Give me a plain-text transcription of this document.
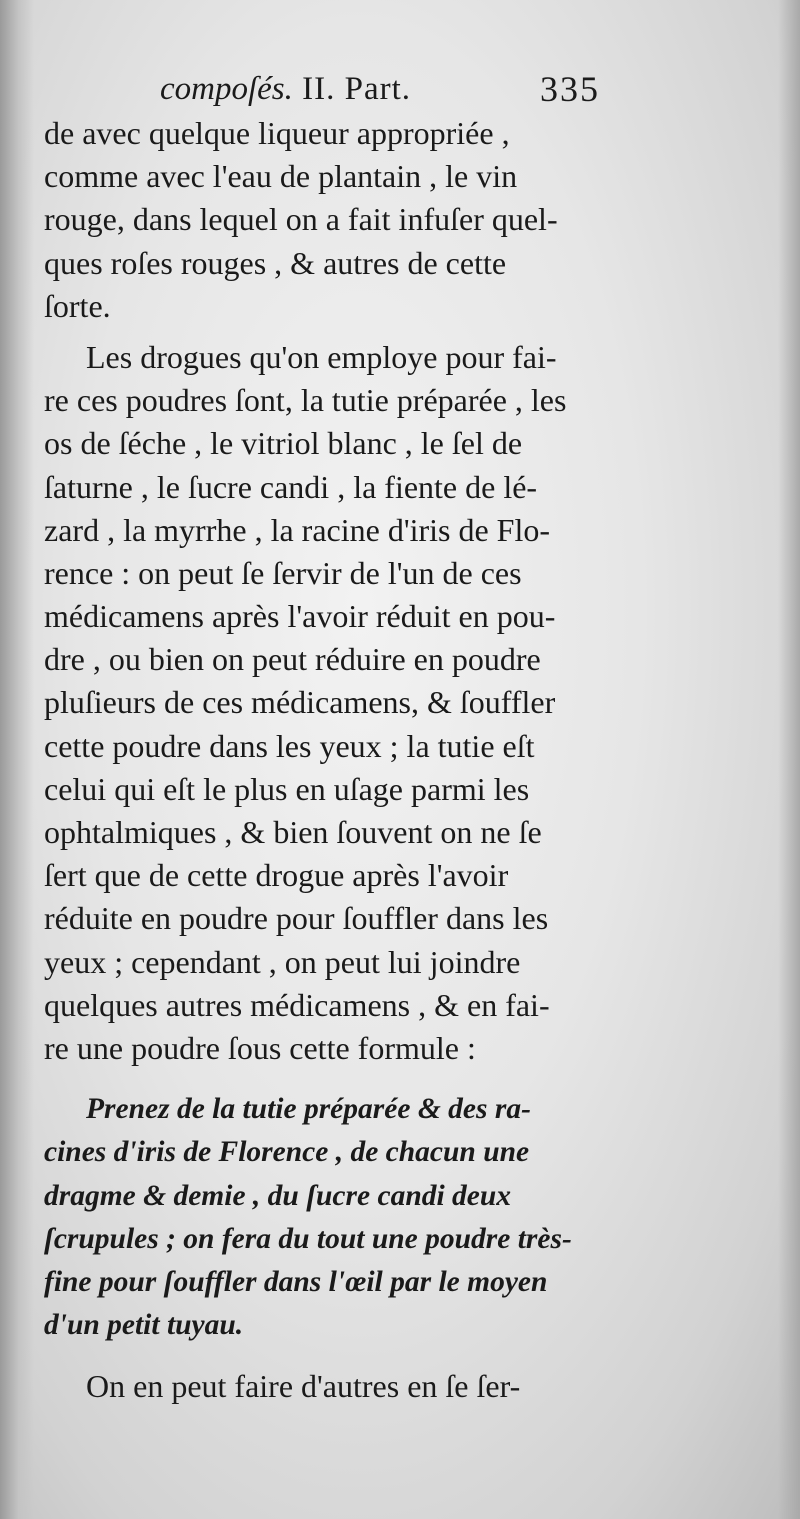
compoſés. II. Part.	335
de avec quelque liqueur appropriée ,
comme avec l'eau de plantain , le vin
rouge, dans lequel on a fait infuſer quel-
ques roſes rouges , & autres de cette
ſorte.
Les drogues qu'on employe pour fai-
re ces poudres ſont, la tutie préparée , les
os de ſéche , le vitriol blanc , le ſel de
ſaturne , le ſucre candi , la fiente de lé-
zard , la myrrhe , la racine d'iris de Flo-
rence : on peut ſe ſervir de l'un de ces
médicamens après l'avoir réduit en pou-
dre , ou bien on peut réduire en poudre
pluſieurs de ces médicamens, & ſouffler
cette poudre dans les yeux ; la tutie eſt
celui qui eſt le plus en uſage parmi les
ophtalmiques , & bien ſouvent on ne ſe
ſert que de cette drogue après l'avoir
réduite en poudre pour ſouffler dans les
yeux ; cependant , on peut lui joindre
quelques autres médicamens , & en fai-
re une poudre ſous cette formule :
Prenez de la tutie préparée & des ra-
cines d'iris de Florence , de chacun une
dragme & demie , du ſucre candi deux
ſcrupules ; on fera du tout une poudre très-
fine pour ſouffler dans l'œil par le moyen
d'un petit tuyau.
On en peut faire d'autres en ſe ſer-
